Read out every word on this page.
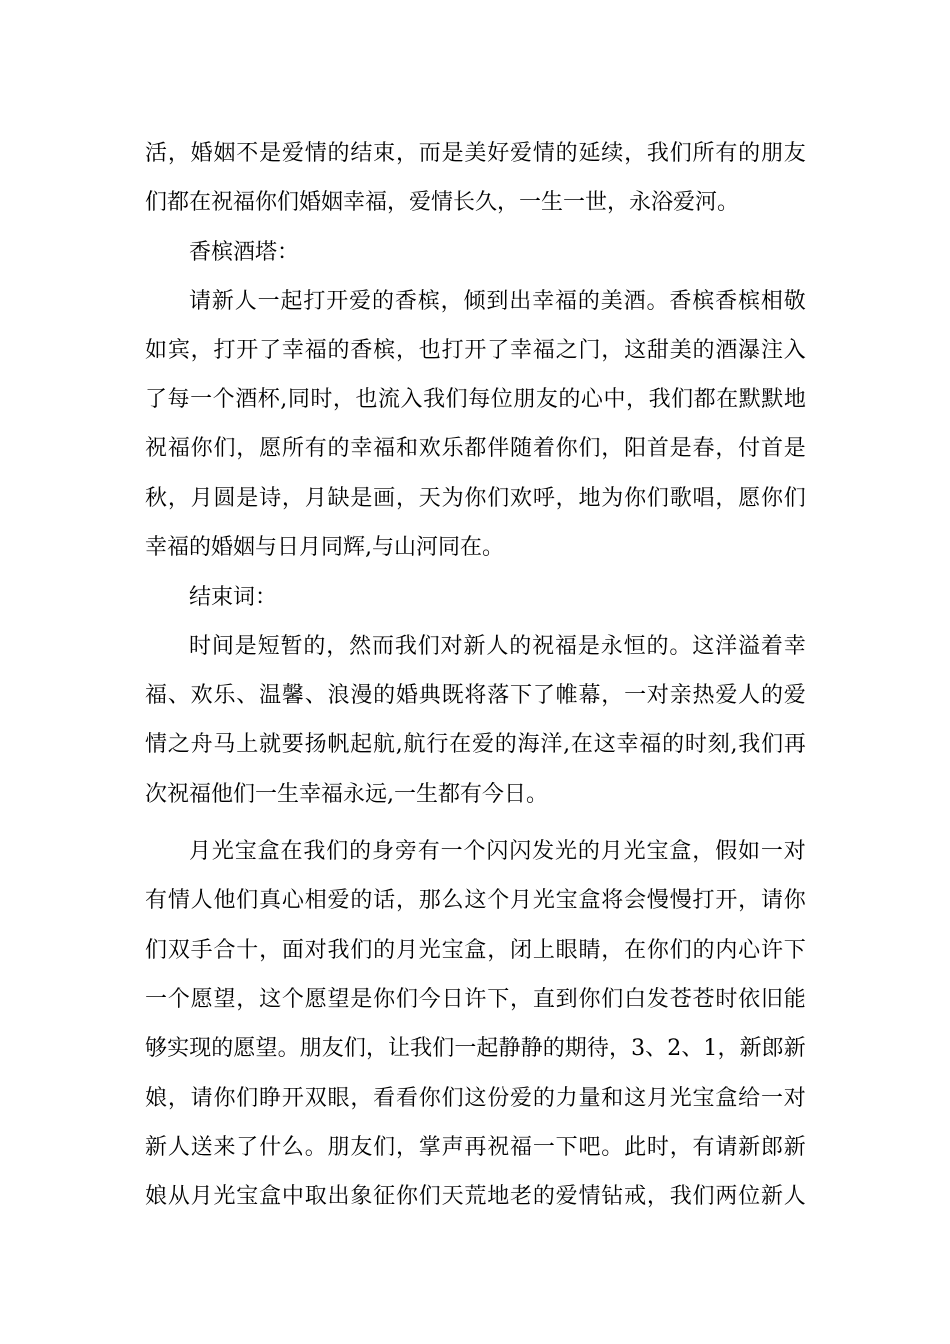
活 ， 婚 姻 不 是 爱 情 的 结 束 ， 而 是 美 好 爱 情 的 延 续 ， 我 们 所 有 的 朋 友
们都在祝福你们婚姻幸福，爱情长久，一生一世，永浴爱河。
香槟酒塔：
请 新 人 一 起 打 开 爱 的 香 槟 ， 倾 到 出 幸 福 的 美 酒 。 香 槟 香 槟 相 敬
如 宾 ， 打 开 了 幸 福 的 香 槟 ， 也 打 开 了 幸 福 之 门 ， 这 甜 美 的 酒 瀑 注 入
了 每 一 个 酒 杯 , 同 时 ， 也 流 入 我 们 每 位 朋 友 的 心 中 ， 我 们 都 在 默 默 地
祝 福 你 们 ， 愿 所 有 的 幸 福 和 欢 乐 都 伴 随 着 你 们 ， 阳 首 是 春 ， 付 首 是
秋 ， 月 圆 是 诗 ， 月 缺 是 画 ， 天 为 你 们 欢 呼 ， 地 为 你 们 歌 唱 ， 愿 你 们
幸福的婚姻与日月同辉,与山河同在。
结束词：
时 间 是 短 暂 的 ， 然 而 我 们 对 新 人 的 祝 福 是 永 恒 的 。 这 洋 溢 着 幸
福 、 欢 乐 、 温 馨 、 浪 漫 的 婚 典 既 将 落 下 了 帷 幕 ， 一 对 亲 热 爱 人 的 爱
情 之 舟 马 上 就 要 扬 帆 起 航 , 航 行 在 爱 的 海 洋 , 在 这 幸 福 的 时 刻 , 我 们 再
次祝福他们一生幸福永远,一生都有今日。
月 光 宝 盒 在 我 们 的 身 旁 有 一 个 闪 闪 发 光 的 月 光 宝 盒 ， 假 如 一 对
有 情 人 他 们 真 心 相 爱 的 话 ， 那 么 这 个 月 光 宝 盒 将 会 慢 慢 打 开 ， 请 你
们 双 手 合 十 ， 面 对 我 们 的 月 光 宝 盒 ， 闭 上 眼 睛 ， 在 你 们 的 内 心 许 下
一 个 愿 望 ， 这 个 愿 望 是 你 们 今 日 许 下 ， 直 到 你 们 白 发 苍 苍 时 依 旧 能
够 实 现 的 愿 望 。 朋 友 们 ， 让 我 们 一 起 静 静 的 期 待 ， 3 、 2 、 1 ， 新 郎 新
娘 ， 请 你 们 睁 开 双 眼 ， 看 看 你 们 这 份 爱 的 力 量 和 这 月 光 宝 盒 给 一 对
新 人 送 来 了 什 么 。 朋 友 们 ， 掌 声 再 祝 福 一 下 吧 。 此 时 ， 有 请 新 郎 新
娘 从 月 光 宝 盒 中 取 出 象 征 你 们 天 荒 地 老 的 爱 情 钻 戒 ， 我 们 两 位 新 人
